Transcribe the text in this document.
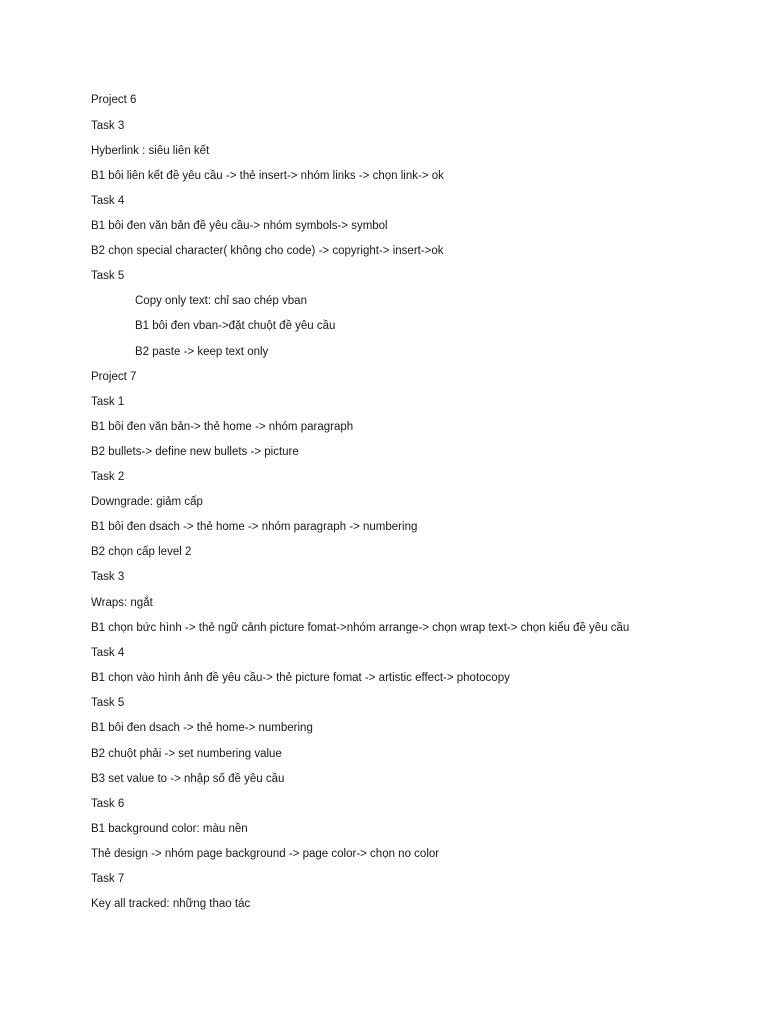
Project 6
Task 3
Hyberlink : siêu liên kết
B1 bôi liên kết đề yêu cầu -> thẻ insert-> nhóm links -> chọn link-> ok
Task 4
B1 bôi đen văn bản đề yêu cầu-> nhóm symbols-> symbol
B2 chọn special character( không cho code) -> copyright-> insert->ok
Task 5
Copy only text: chỉ sao chép vban
B1 bôi đen vban->đặt chuột đề yêu cầu
B2 paste -> keep text only
Project 7
Task 1
B1 bôi đen văn bản-> thẻ home -> nhóm paragraph
B2 bullets-> define new bullets -> picture
Task 2
Downgrade: giảm cấp
B1 bôi đen dsach -> thẻ home -> nhóm paragraph -> numbering
B2 chọn cấp level 2
Task 3
Wraps: ngắt
B1 chọn bức hình -> thẻ ngữ cảnh picture fomat->nhóm arrange-> chọn wrap text-> chọn kiểu đề yêu cầu
Task 4
B1 chọn vào hình ảnh đề yêu cầu-> thẻ picture fomat -> artistic effect-> photocopy
Task 5
B1 bôi đen dsach -> thẻ home-> numbering
B2 chuột phải -> set numbering value
B3 set value to -> nhập số đề yêu cầu
Task 6
B1 background color: màu nền
Thẻ design -> nhóm page background -> page color-> chọn no color
Task 7
Key all tracked: những thao tác
